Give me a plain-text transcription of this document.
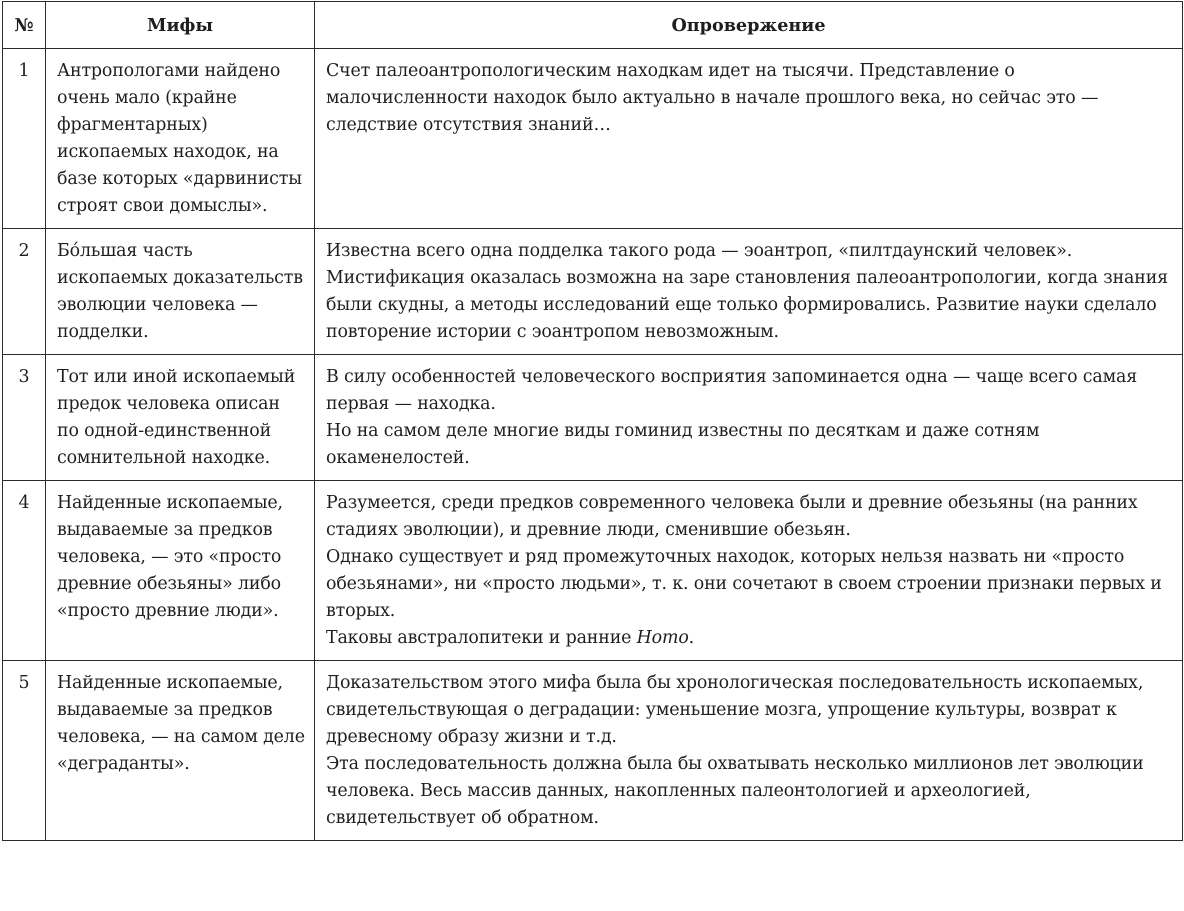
№	Мифы	Опровержение
1	Антропологами найдено очень мало (крайне фрагментарных) ископаемых находок, на базе которых «дарвинисты строят свои домыслы».	Счет палеоантропологическим находкам идет на тысячи. Представление о малочисленности находок было актуально в начале прошлого века, но сейчас это — следствие отсутствия знаний…

2	Бо́льшая часть ископаемых доказательств эволюции человека — подделки.	Известна всего одна подделка такого рода — эоантроп, «пилтдаунский человек».
Мистификация оказалась возможна на заре становления палеоантропологии, когда знания были скудны, а методы исследований еще только формировались. Развитие науки сделало повторение истории с эоантропом невозможным.

3	Тот или иной ископаемый предок человека описан по одной-единственной сомнительной находке.	В силу особенностей человеческого восприятия запоминается одна — чаще всего самая первая — находка.
Но на самом деле многие виды гоминид известны по десяткам и даже сотням окаменелостей.

4	Найденные ископаемые, выдаваемые за предков человека, — это «просто древние обезьяны» либо «просто древние люди».	Разумеется, среди предков современного человека были и древние обезьяны (на ранних стадиях эволюции), и древние люди, сменившие обезьян.
Однако существует и ряд промежуточных находок, которых нельзя назвать ни «просто обезьянами», ни «просто людьми», т. к. они сочетают в своем строении признаки первых и вторых.
Таковы австралопитеки и ранние Homo.

5	Найденные ископаемые, выдаваемые за предков человека, — на самом деле «деграданты».	Доказательством этого мифа была бы хронологическая последовательность ископаемых, свидетельствующая о деградации: уменьшение мозга, упрощение культуры, возврат к древесному образу жизни и т.д.
Эта последовательность должна была бы охватывать несколько миллионов лет эволюции человека. Весь массив данных, накопленных палеонтологией и археологией, свидетельствует об обратном.
